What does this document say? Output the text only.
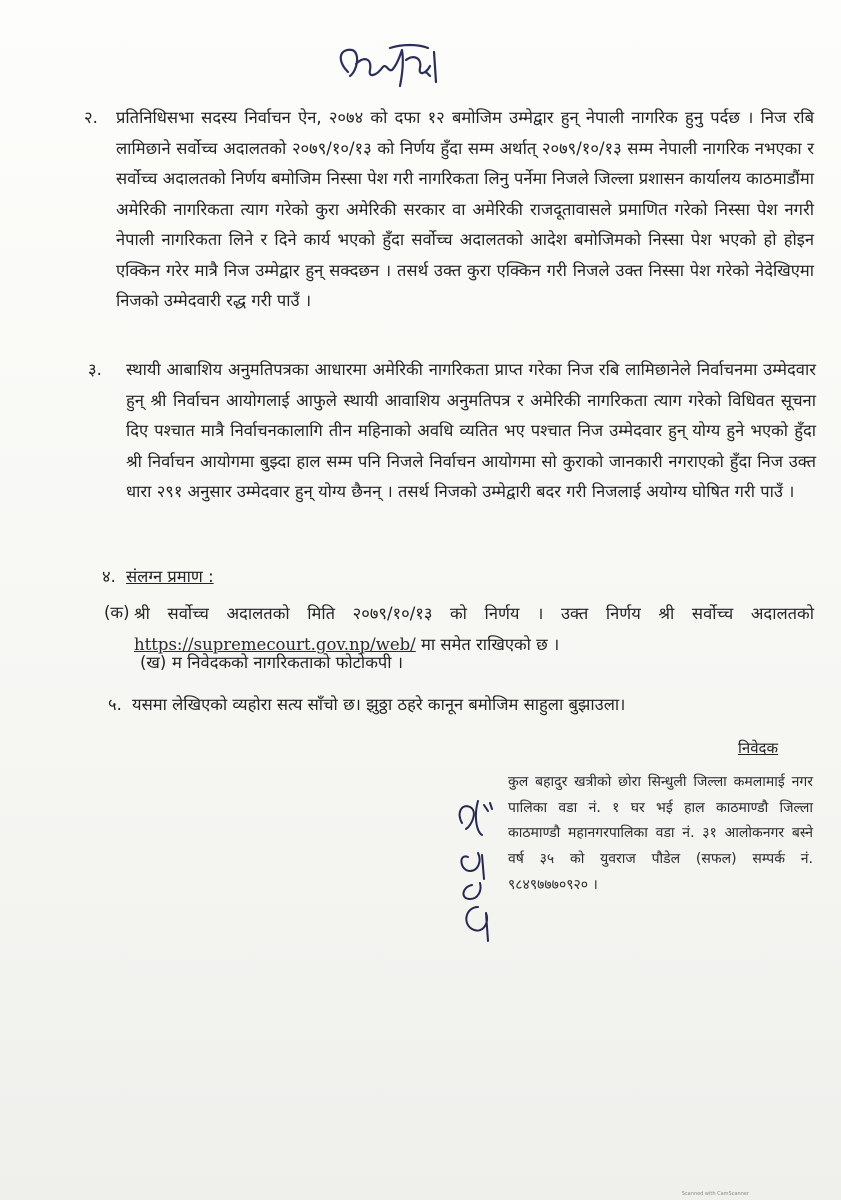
२. प्रतिनिधिसभा सदस्य निर्वाचन ऐन, २०७४ को दफा १२ बमोजिम उम्मेद्वार हुन् नेपाली नागरिक हुनु पर्दछ । निज रबि लामिछाने सर्वोच्च अदालतको २०७९/१०/१३ को निर्णय हुँदा सम्म अर्थात् २०७९/१०/१३ सम्म नेपाली नागरिक नभएका र सर्वोच्च अदालतको निर्णय बमोजिम निस्सा पेश गरी नागरिकता लिनु पर्नेमा निजले जिल्ला प्रशासन कार्यालय काठमाडौंमा अमेरिकी नागरिकता त्याग गरेको कुरा अमेरिकी सरकार वा अमेरिकी राजदूतावासले प्रमाणित गरेको निस्सा पेश नगरी नेपाली नागरिकता लिने र दिने कार्य भएको हुँदा सर्वोच्च अदालतको आदेश बमोजिमको निस्सा पेश भएको हो होइन एक्किन गरेर मात्रै निज उम्मेद्वार हुन् सक्दछन । तसर्थ उक्त कुरा एक्किन गरी निजले उक्त निस्सा पेश गरेको नेदेखिएमा निजको उम्मेदवारी रद्ध गरी पाउँ ।
३. स्थायी आबाशिय अनुमतिपत्रका आधारमा अमेरिकी नागरिकता प्राप्त गरेका निज रबि लामिछानेले निर्वाचनमा उम्मेदवार हुन् श्री निर्वाचन आयोगलाई आफुले स्थायी आवाशिय अनुमतिपत्र र अमेरिकी नागरिकता त्याग गरेको विधिवत सूचना दिए पश्चात मात्रै निर्वाचनकालागि तीन महिनाको अवधि व्यतित भए पश्चात निज उम्मेदवार हुन् योग्य हुने भएको हुँदा श्री निर्वाचन आयोगमा बुझ्दा हाल सम्म पनि निजले निर्वाचन आयोगमा सो कुराको जानकारी नगराएको हुँदा निज उक्त धारा २९१ अनुसार उम्मेदवार हुन् योग्य छैनन् । तसर्थ निजको उम्मेद्वारी बदर गरी निजलाई अयोग्य घोषित गरी पाउँ ।
४. संलग्न प्रमाण :
(क) श्री सर्वोच्च अदालतको मिति २०७९/१०/१३ को निर्णय । उक्त निर्णय श्री सर्वोच्च अदालतको https://supremecourt.gov.np/web/ मा समेत राखिएको छ ।
(ख) म निवेदकको नागरिकताको फोटोकपी ।
५. यसमा लेखिएको व्यहोरा सत्य साँचो छ। झुठ्ठा ठहरे कानून बमोजिम साहुला बुझाउला।
निवेदक
कुल बहादुर खत्रीको छोरा सिन्धुली जिल्ला कमलामाई नगर पालिका वडा नं. १ घर भई हाल काठमाण्डौ जिल्ला काठमाण्डौ महानगरपालिका वडा नं. ३१ आलोकनगर बस्ने वर्ष ३५ को युवराज पौडेल (सफल) सम्पर्क नं. ९८४९७७७०९२० ।
Scanned with CamScanner
